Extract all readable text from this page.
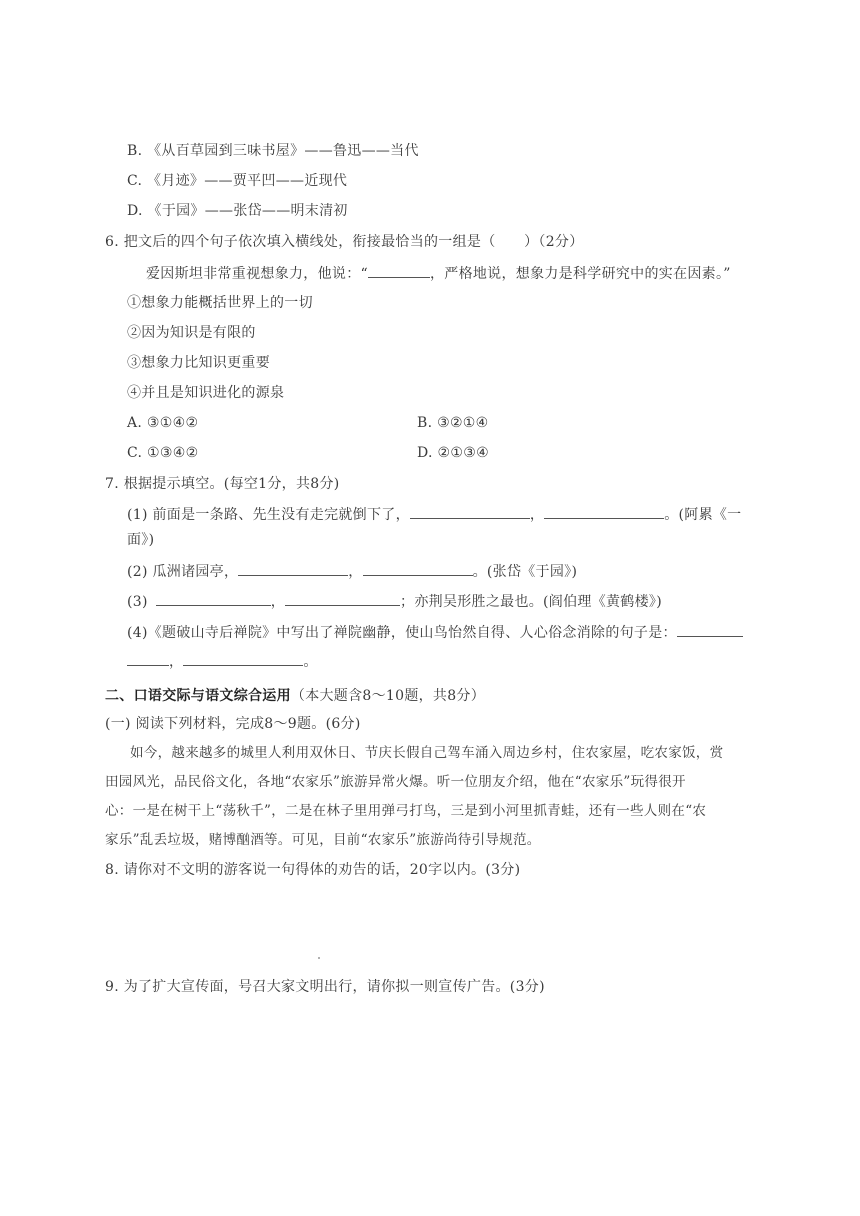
B. 《从百草园到三味书屋》——鲁迅——当代
C. 《月迹》——贾平凹——近现代
D. 《于园》——张岱——明末清初
6. 把文后的四个句子依次填入横线处，衔接最恰当的一组是（　　）（2分）
爱因斯坦非常重视想象力，他说：“	，严格地说，想象力是科学研究中的实在因素。”
①想象力能概括世界上的一切
②因为知识是有限的
③想象力比知识更重要
④并且是知识进化的源泉
A. ③①④②	B. ③②①④
C. ①③④②	D. ②①③④
7. 根据提示填空。(每空1分，共8分)
(1) 前面是一条路、先生没有走完就倒下了，	，	。(阿累《一
面》)
(2) 瓜洲诸园亭，	，	。(张岱《于园》)
(3)	，	；亦荆吴形胜之最也。(阎伯理《黄鹤楼》)
(4)《题破山寺后禅院》中写出了禅院幽静，使山鸟怡然自得、人心俗念消除的句子是：
，	。
二、口语交际与语文综合运用（本大题含8～10题，共8分）
(一) 阅读下列材料，完成8～9题。(6分)
如今，越来越多的城里人利用双休日、节庆长假自己驾车涌入周边乡村，住农家屋，吃农家饭，赏
田园风光，品民俗文化，各地“农家乐”旅游异常火爆。听一位朋友介绍，他在“农家乐”玩得很开
心：一是在树干上“荡秋千”，二是在林子里用弹弓打鸟，三是到小河里抓青蛙，还有一些人则在“农
家乐”乱丢垃圾，赌博酗酒等。可见，目前“农家乐”旅游尚待引导规范。
8. 请你对不文明的游客说一句得体的劝告的话，20字以内。(3分)
9. 为了扩大宣传面，号召大家文明出行，请你拟一则宣传广告。(3分)
